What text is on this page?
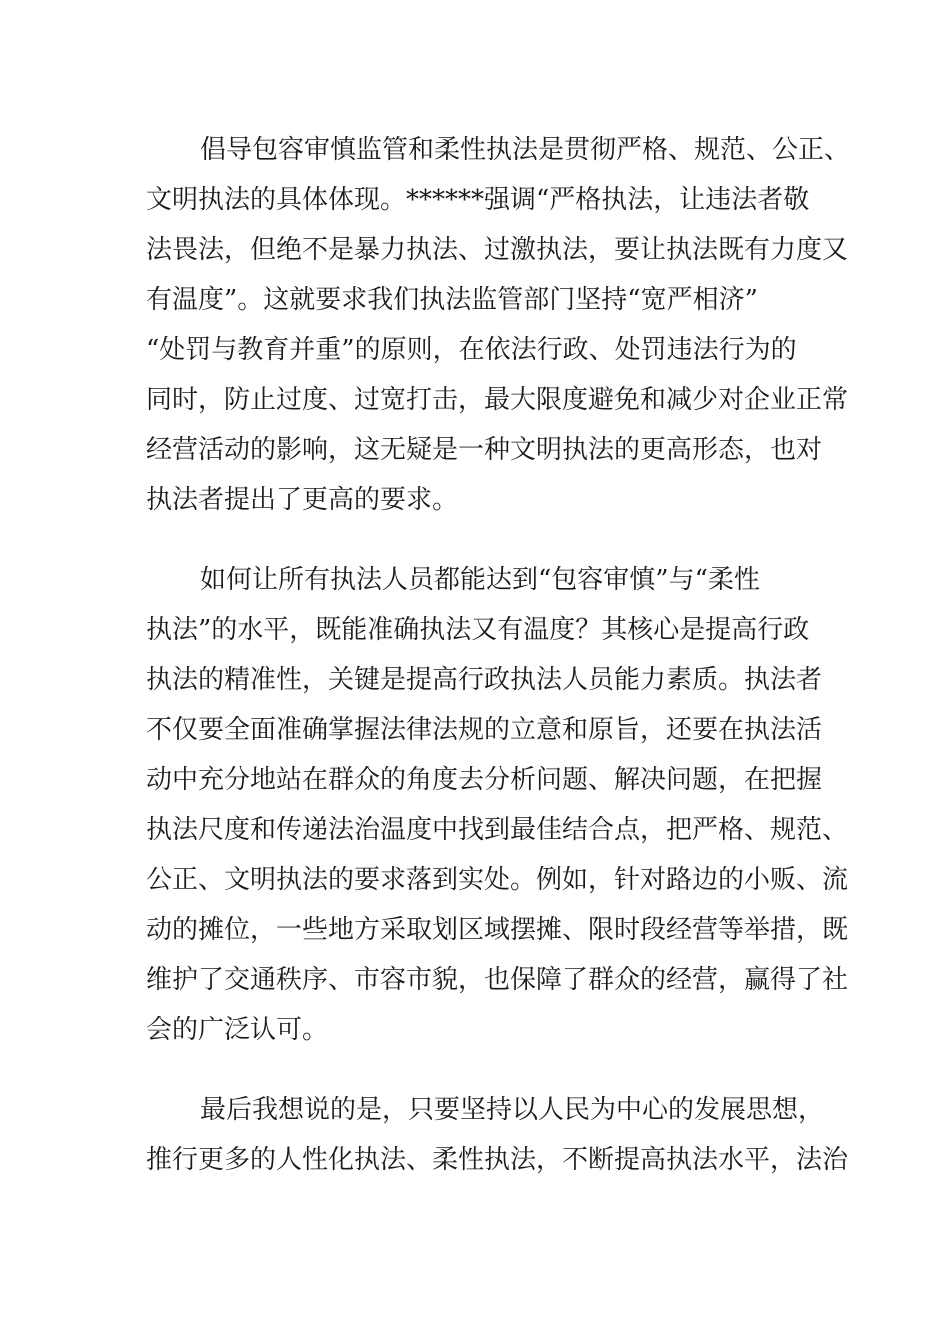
倡导包容审慎监管和柔性执法是贯彻严格、规范、公正、
文明执法的具体体现。******强调“严格执法，让违法者敬
法畏法，但绝不是暴力执法、过激执法，要让执法既有力度又
有温度”。这就要求我们执法监管部门坚持“宽严相济”
“处罚与教育并重”的原则，在依法行政、处罚违法行为的
同时，防止过度、过宽打击，最大限度避免和减少对企业正常
经营活动的影响，这无疑是一种文明执法的更高形态，也对
执法者提出了更高的要求。
如何让所有执法人员都能达到“包容审慎”与“柔性
执法”的水平，既能准确执法又有温度？其核心是提高行政
执法的精准性，关键是提高行政执法人员能力素质。执法者
不仅要全面准确掌握法律法规的立意和原旨，还要在执法活
动中充分地站在群众的角度去分析问题、解决问题，在把握
执法尺度和传递法治温度中找到最佳结合点，把严格、规范、
公正、文明执法的要求落到实处。例如，针对路边的小贩、流
动的摊位，一些地方采取划区域摆摊、限时段经营等举措，既
维护了交通秩序、市容市貌，也保障了群众的经营，赢得了社
会的广泛认可。
最后我想说的是，只要坚持以人民为中心的发展思想，
推行更多的人性化执法、柔性执法，不断提高执法水平，法治
